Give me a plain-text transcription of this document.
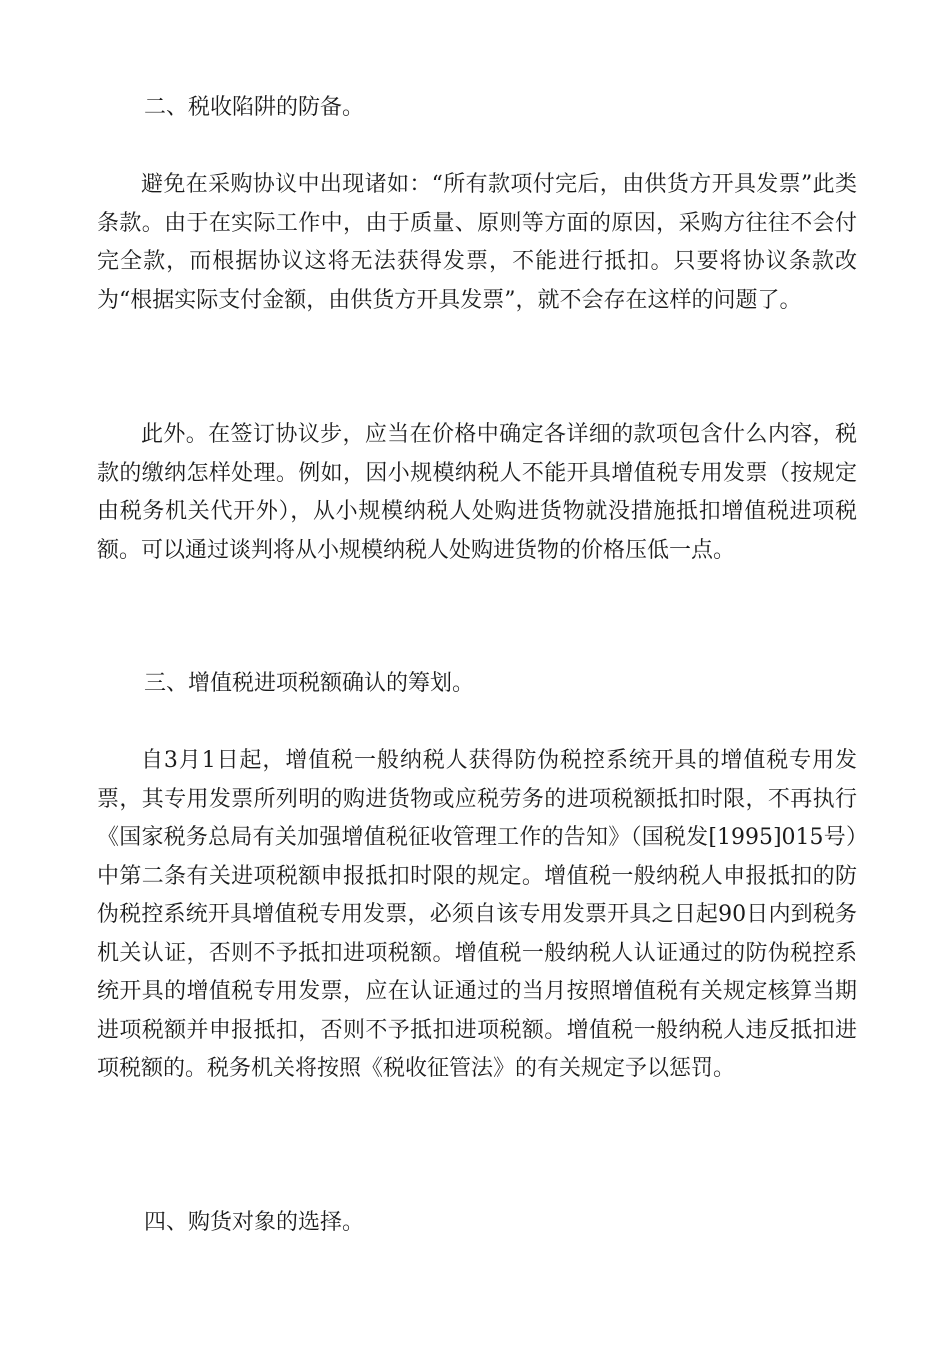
二、税收陷阱的防备。

避免在采购协议中出现诸如：“所有款项付完后，由供货方开具发票”此类条款。由于在实际工作中，由于质量、原则等方面的原因，采购方往往不会付完全款，而根据协议这将无法获得发票，不能进行抵扣。只要将协议条款改为“根据实际支付金额，由供货方开具发票”，就不会存在这样的问题了。

此外。在签订协议步，应当在价格中确定各详细的款项包含什么内容，税款的缴纳怎样处理。例如，因小规模纳税人不能开具增值税专用发票（按规定由税务机关代开外），从小规模纳税人处购进货物就没措施抵扣增值税进项税额。可以通过谈判将从小规模纳税人处购进货物的价格压低一点。

三、增值税进项税额确认的筹划。

自3月1日起，增值税一般纳税人获得防伪税控系统开具的增值税专用发票，其专用发票所列明的购进货物或应税劳务的进项税额抵扣时限，不再执行《国家税务总局有关加强增值税征收管理工作的告知》（国税发[1995]015号）中第二条有关进项税额申报抵扣时限的规定。增值税一般纳税人申报抵扣的防伪税控系统开具增值税专用发票，必须自该专用发票开具之日起90日内到税务机关认证，否则不予抵扣进项税额。增值税一般纳税人认证通过的防伪税控系统开具的增值税专用发票，应在认证通过的当月按照增值税有关规定核算当期进项税额并申报抵扣，否则不予抵扣进项税额。增值税一般纳税人违反抵扣进项税额的。税务机关将按照《税收征管法》的有关规定予以惩罚。

四、购货对象的选择。
